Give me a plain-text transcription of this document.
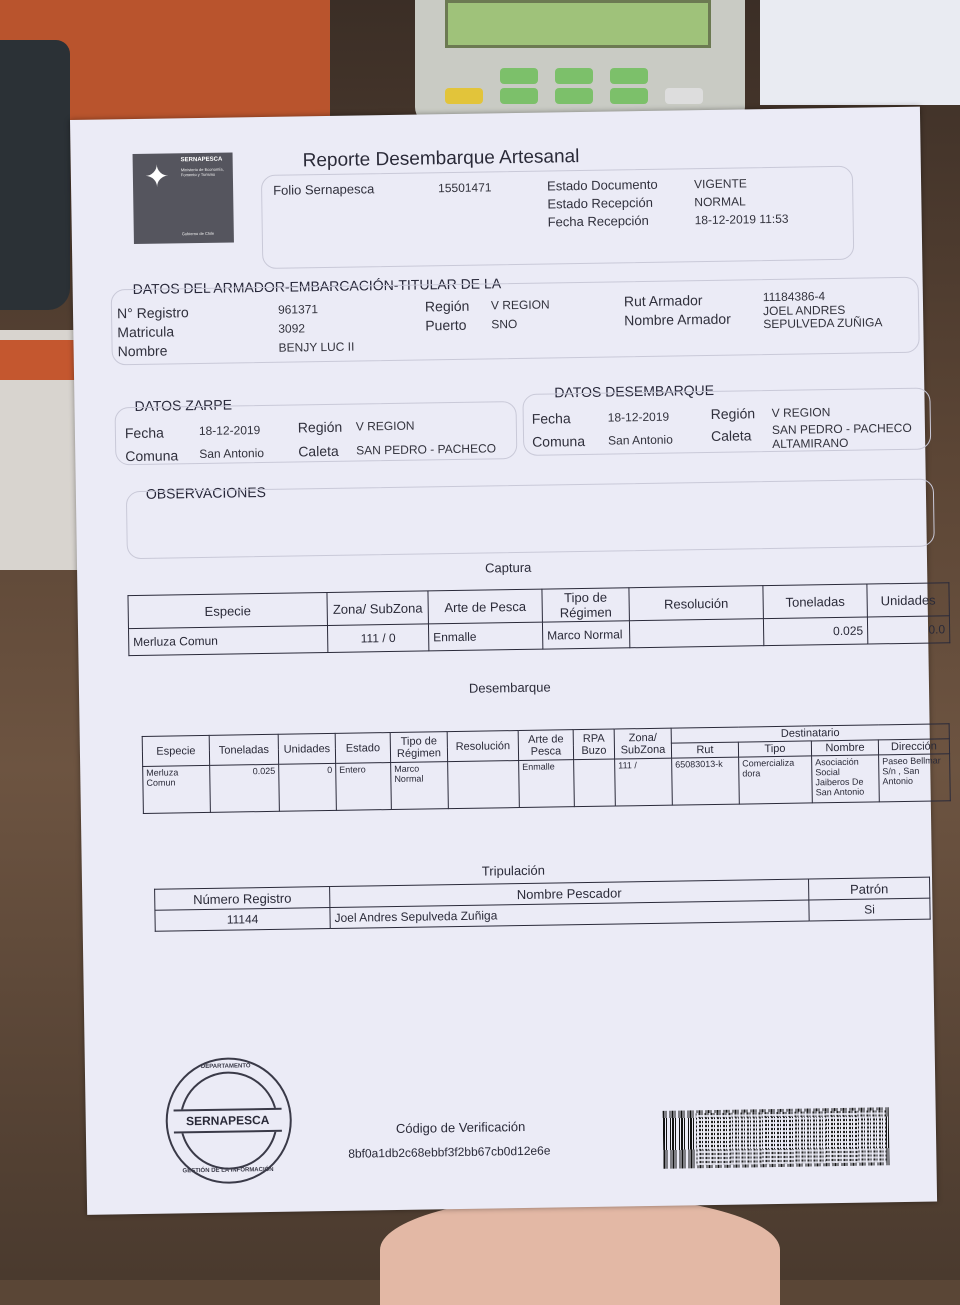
✦
SERNAPESCA
Ministerio de Economía, Fomento y Turismo
Gobierno de Chile
Reporte Desembarque Artesanal
Folio Sernapesca	15501471	Estado Documento	VIGENTE
Estado Recepción	NORMAL
Fecha Recepción	18-12-2019 11:53
DATOS DEL ARMADOR-EMBARCACIÓN-TITULAR DE LA
N° Registro	961371
Matricula	3092
Nombre	BENJY LUC II
Región V REGION
Puerto SNO
Rut Armador	11184386-4
Nombre Armador
JOEL ANDRES
SEPULVEDA ZUÑIGA
DATOS ZARPE
Fecha	18-12-2019
Comuna San Antonio
Región V REGION
Caleta SAN PEDRO - PACHECO
DATOS DESEMBARQUE
Fecha	18-12-2019
Comuna San Antonio
Región V REGION
Caleta SAN PEDRO - PACHECO
ALTAMIRANO
OBSERVACIONES
Captura
Especie	Zona/ SubZona	Arte de Pesca	Tipo de Régimen	Resolución	Toneladas	Unidades
Merluza Comun	111 / 0	Enmalle	Marco Normal		0.025	0.0
Desembarque
Especie	Toneladas	Unidades	Estado	Tipo de Régimen	Resolución	Arte de Pesca	RPA Buzo	Zona/ SubZona	Destinatario			
									Rut	Tipo	Nombre	Dirección
Merluza Comun	0.025	0	Entero	Marco Normal		Enmalle		111 /	65083013-k	Comercializa dora	Asociación Social Jaiberos De San Antonio	Paseo Bellmar S/n , San Antonio
Tripulación
Número Registro	Nombre Pescador	Patrón
11144	Joel Andres Sepulveda Zuñiga	Si
DEPARTAMENTO
SERNAPESCA
GESTIÓN DE LA INFORMACIÓN
Código de Verificación
8bf0a1db2c68ebbf3f2bb67cb0d12e6e
